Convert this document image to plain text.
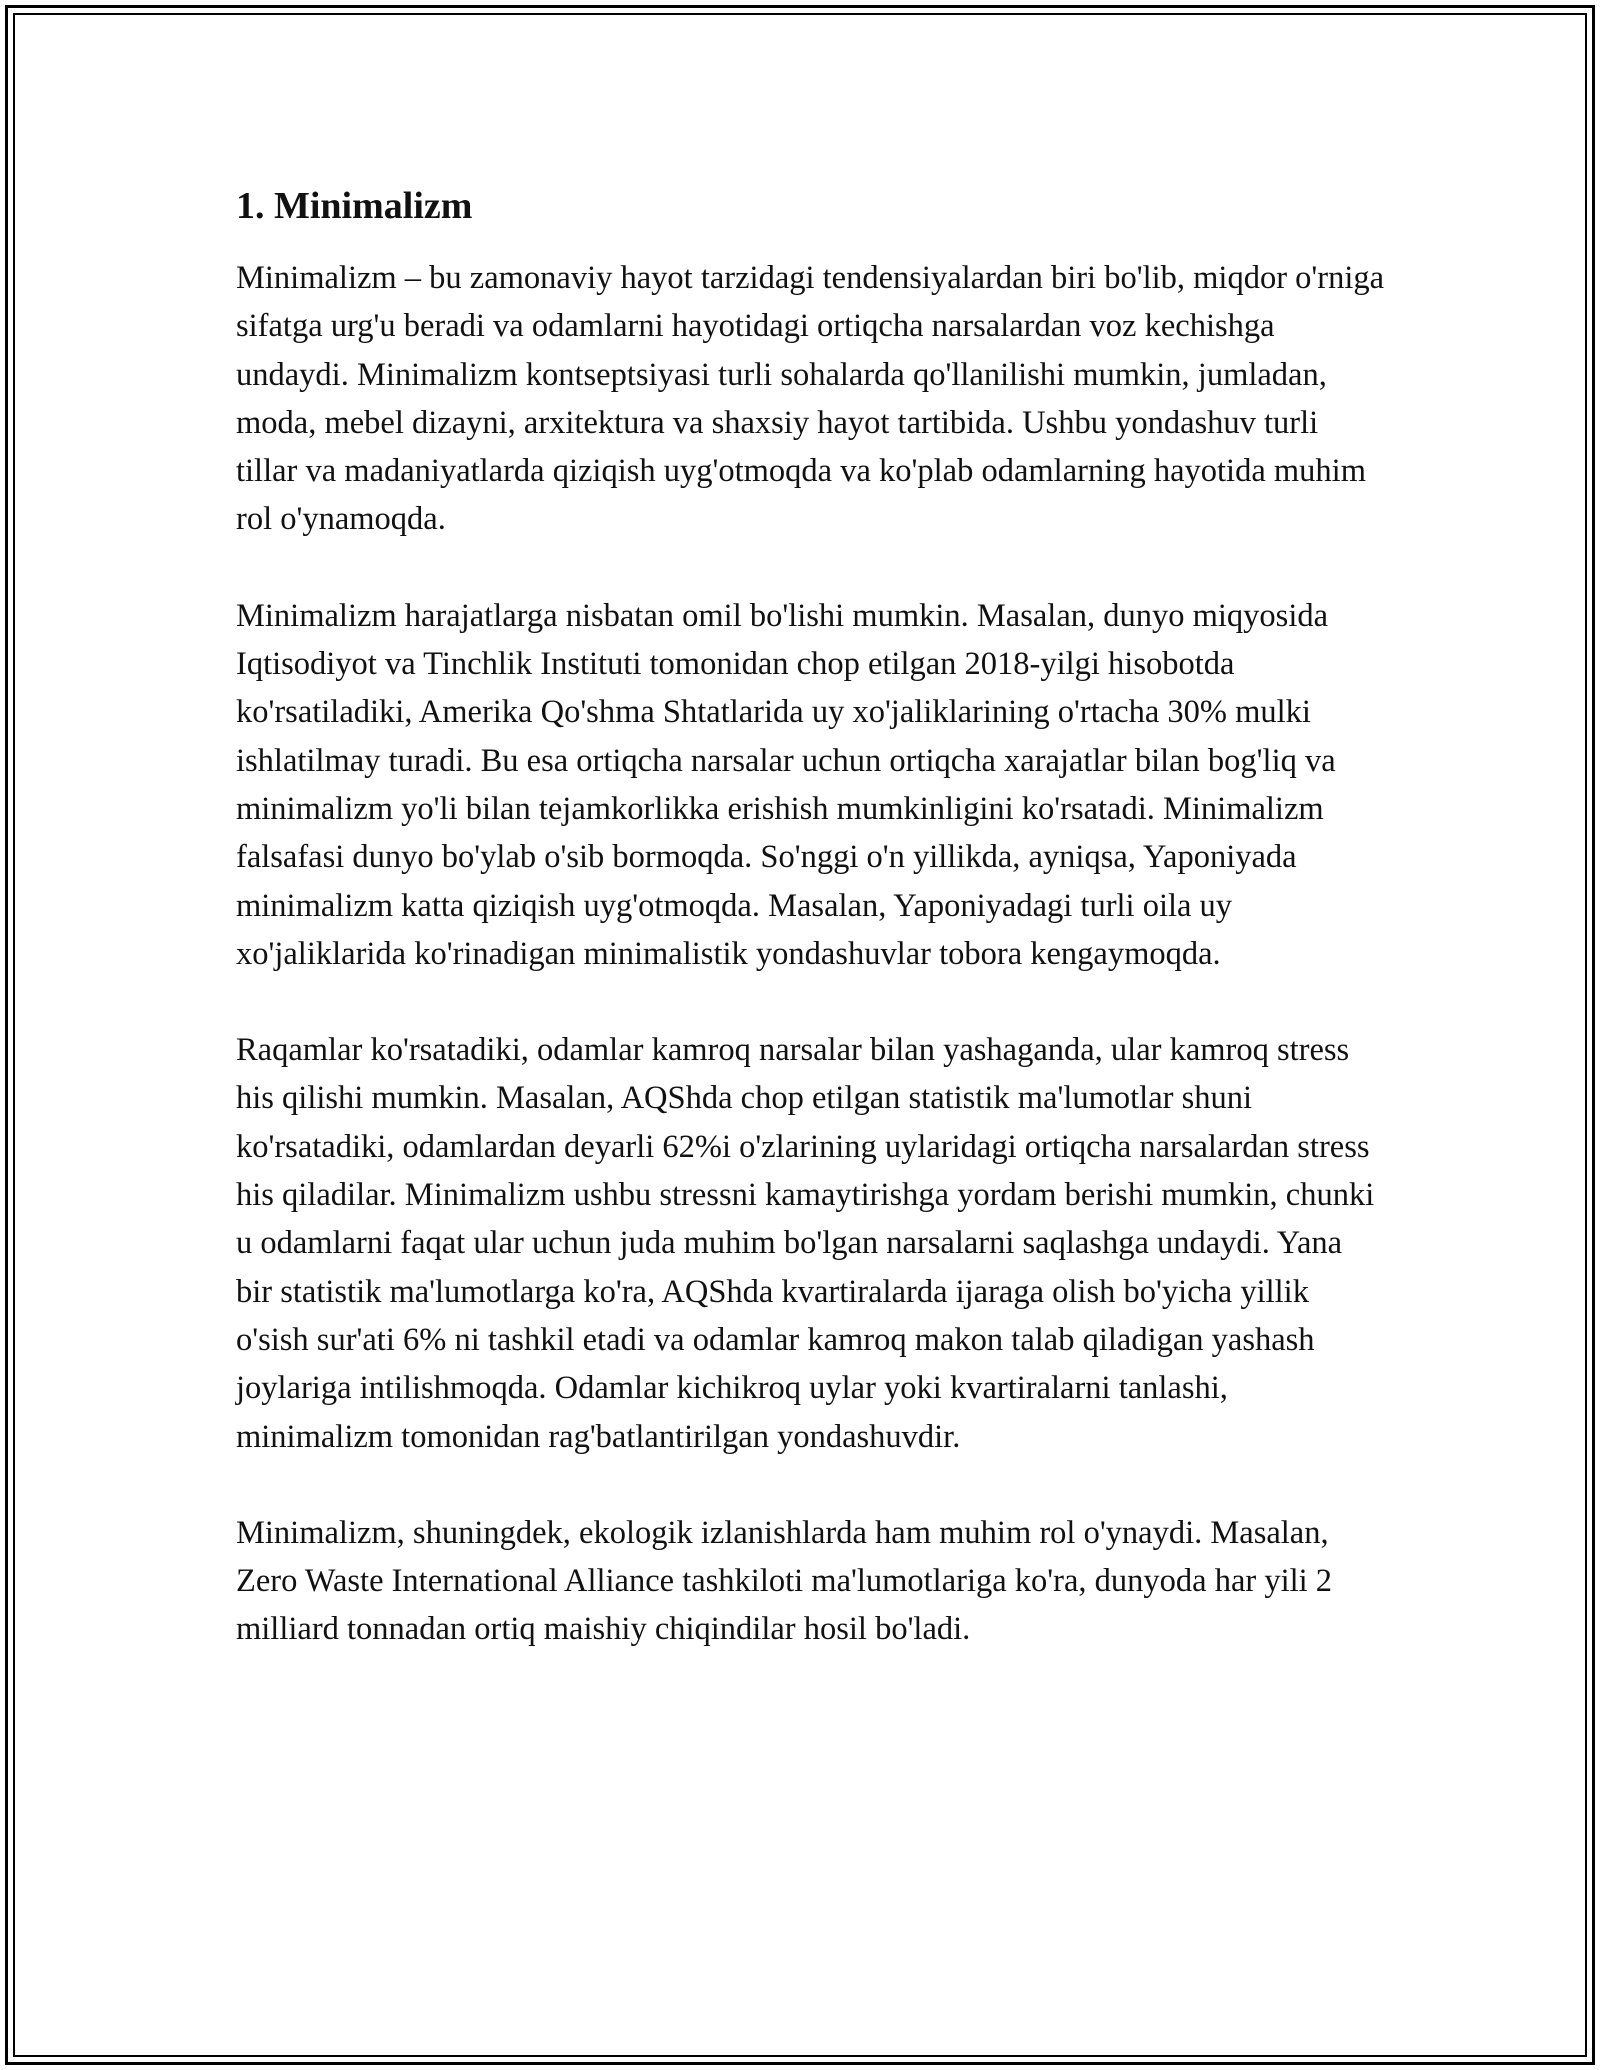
1. Minimalizm

Minimalizm – bu zamonaviy hayot tarzidagi tendensiyalardan biri bo'lib, miqdor o'rniga sifatga urg'u beradi va odamlarni hayotidagi ortiqcha narsalardan voz kechishga undaydi. Minimalizm kontseptsiyasi turli sohalarda qo'llanilishi mumkin, jumladan, moda, mebel dizayni, arxitektura va shaxsiy hayot tartibida. Ushbu yondashuv turli tillar va madaniyatlarda qiziqish uyg'otmoqda va ko'plab odamlarning hayotida muhim rol o'ynamoqda.

Minimalizm harajatlarga nisbatan omil bo'lishi mumkin. Masalan, dunyo miqyosida Iqtisodiyot va Tinchlik Instituti tomonidan chop etilgan 2018-yilgi hisobotda ko'rsatiladiki, Amerika Qo'shma Shtatlarida uy xo'jaliklarining o'rtacha 30% mulki ishlatilmay turadi. Bu esa ortiqcha narsalar uchun ortiqcha xarajatlar bilan bog'liq va minimalizm yo'li bilan tejamkorlikka erishish mumkinligini ko'rsatadi. Minimalizm falsafasi dunyo bo'ylab o'sib bormoqda. So'nggi o'n yillikda, ayniqsa, Yaponiyada minimalizm katta qiziqish uyg'otmoqda. Masalan, Yaponiyadagi turli oila uy xo'jaliklarida ko'rinadigan minimalistik yondashuvlar tobora kengaymoqda.

Raqamlar ko'rsatadiki, odamlar kamroq narsalar bilan yashaganda, ular kamroq stress his qilishi mumkin. Masalan, AQShda chop etilgan statistik ma'lumotlar shuni ko'rsatadiki, odamlardan deyarli 62%i o'zlarining uylaridagi ortiqcha narsalardan stress his qiladilar. Minimalizm ushbu stressni kamaytirishga yordam berishi mumkin, chunki u odamlarni faqat ular uchun juda muhim bo'lgan narsalarni saqlashga undaydi. Yana bir statistik ma'lumotlarga ko'ra, AQShda kvartiralarda ijaraga olish bo'yicha yillik o'sish sur'ati 6% ni tashkil etadi va odamlar kamroq makon talab qiladigan yashash joylariga intilishmoqda. Odamlar kichikroq uylar yoki kvartiralarni tanlashi, minimalizm tomonidan rag'batlantirilgan yondashuvdir.

Minimalizm, shuningdek, ekologik izlanishlarda ham muhim rol o'ynaydi. Masalan, Zero Waste International Alliance tashkiloti ma'lumotlariga ko'ra, dunyoda har yili 2 milliard tonnadan ortiq maishiy chiqindilar hosil bo'ladi.
